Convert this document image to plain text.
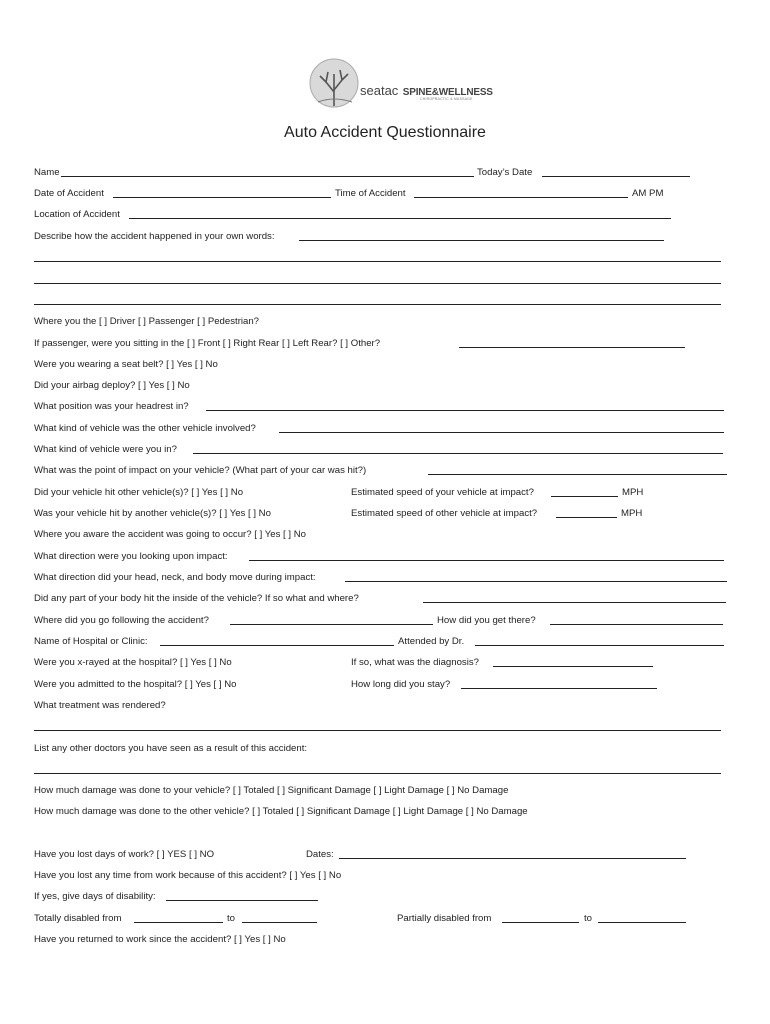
seatac SPINE&WELLNESS
CHIROPRACTIC & MASSAGE
Auto Accident Questionnaire
Name	Today’s Date
Date of Accident	Time of Accident	AM PM
Location of Accident
Describe how the accident happened in your own words:
Where you the [ ] Driver [ ] Passenger [ ] Pedestrian?
If passenger, were you sitting in the [ ] Front [ ] Right Rear [ ] Left Rear? [ ] Other?
Were you wearing a seat belt? [ ] Yes [ ] No
Did your airbag deploy? [ ] Yes [ ] No
What position was your headrest in?
What kind of vehicle was the other vehicle involved?
What kind of vehicle were you in?
What was the point of impact on your vehicle? (What part of your car was hit?)
Did your vehicle hit other vehicle(s)? [ ] Yes [ ] No	Estimated speed of your vehicle at impact?	MPH
Was your vehicle hit by another vehicle(s)? [ ] Yes [ ] No	Estimated speed of other vehicle at impact?	MPH
Where you aware the accident was going to occur? [ ] Yes [ ] No
What direction were you looking upon impact:
What direction did your head, neck, and body move during impact:
Did any part of your body hit the inside of the vehicle? If so what and where?
Where did you go following the accident?	How did you get there?
Name of Hospital or Clinic:	Attended by Dr.
Were you x-rayed at the hospital? [ ] Yes [ ] No	If so, what was the diagnosis?
Were you admitted to the hospital? [ ] Yes [ ] No	How long did you stay?
What treatment was rendered?
List any other doctors you have seen as a result of this accident:
How much damage was done to your vehicle? [ ] Totaled [ ] Significant Damage [ ] Light Damage [ ] No Damage
How much damage was done to the other vehicle? [ ] Totaled [ ] Significant Damage [ ] Light Damage [ ] No Damage
Have you lost days of work? [ ] YES [ ] NO	Dates:
Have you lost any time from work because of this accident? [ ] Yes [ ] No
If yes, give days of disability:
Totally disabled from	to	Partially disabled from	to
Have you returned to work since the accident? [ ] Yes [ ] No
